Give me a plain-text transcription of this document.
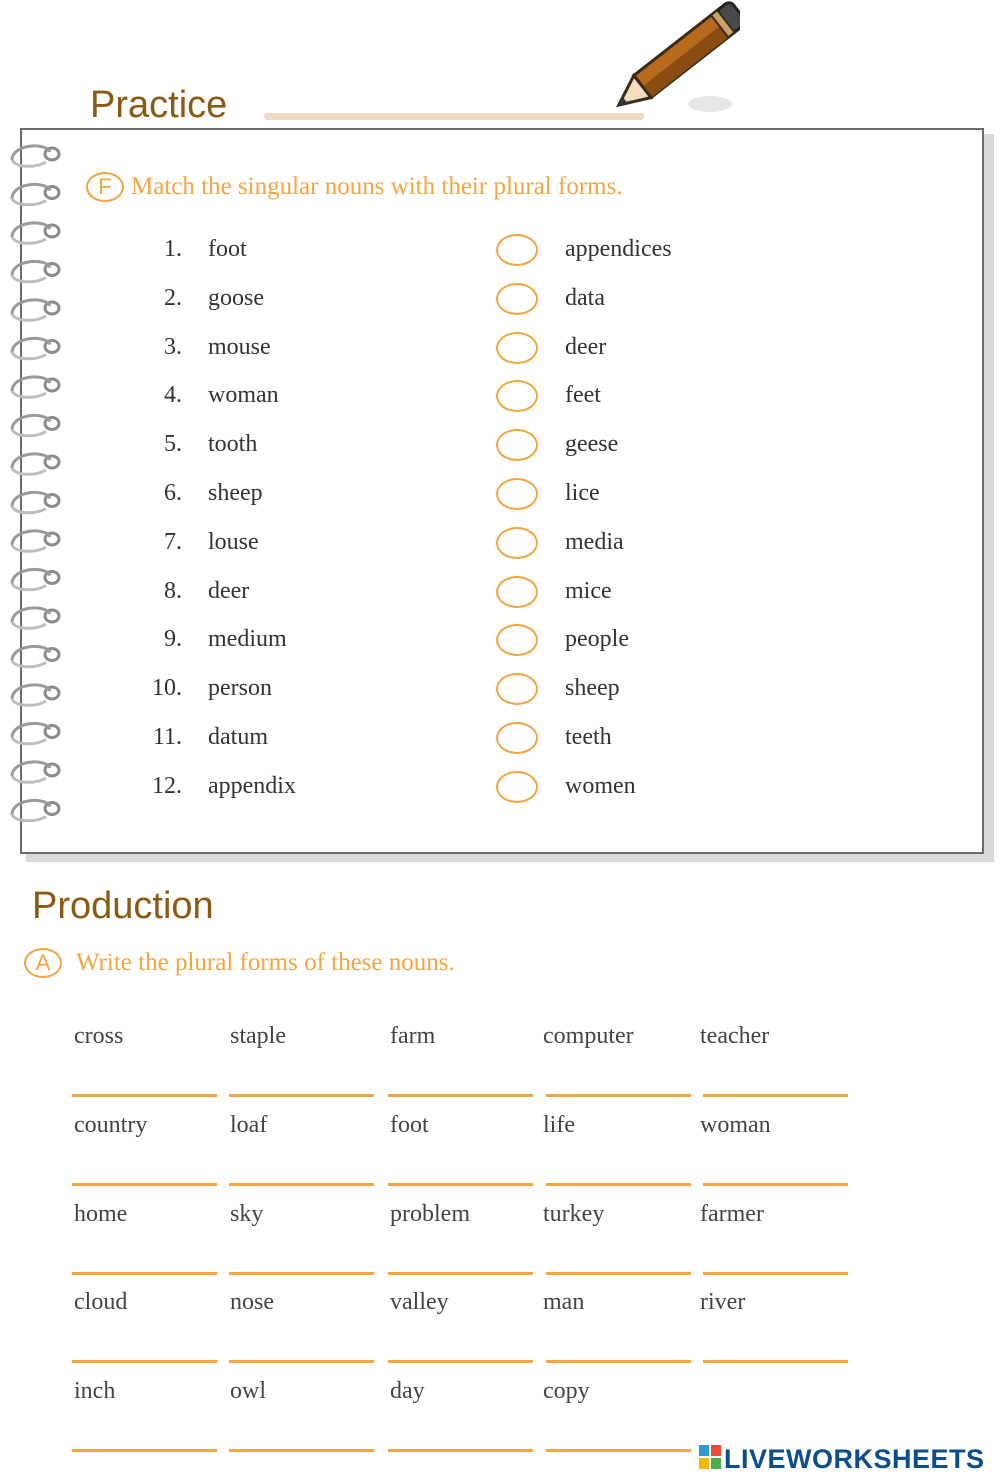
Practice
F Match the singular nouns with their plural forms.
1. foot	appendices
2. goose	data
3. mouse	deer
4. woman	feet
5. tooth	geese
6. sheep	lice
7. louse	media
8. deer	mice
9. medium	people
10. person	sheep
11. datum	teeth
12. appendix	women
Production
A	Write the plural forms of these nouns.
cross	staple	farm	computer	teacher
country	loaf	foot	life	woman
home	sky	problem	turkey	farmer
cloud	nose	valley	man	river
inch	owl	day	copy
LIVEWORKSHEETS
